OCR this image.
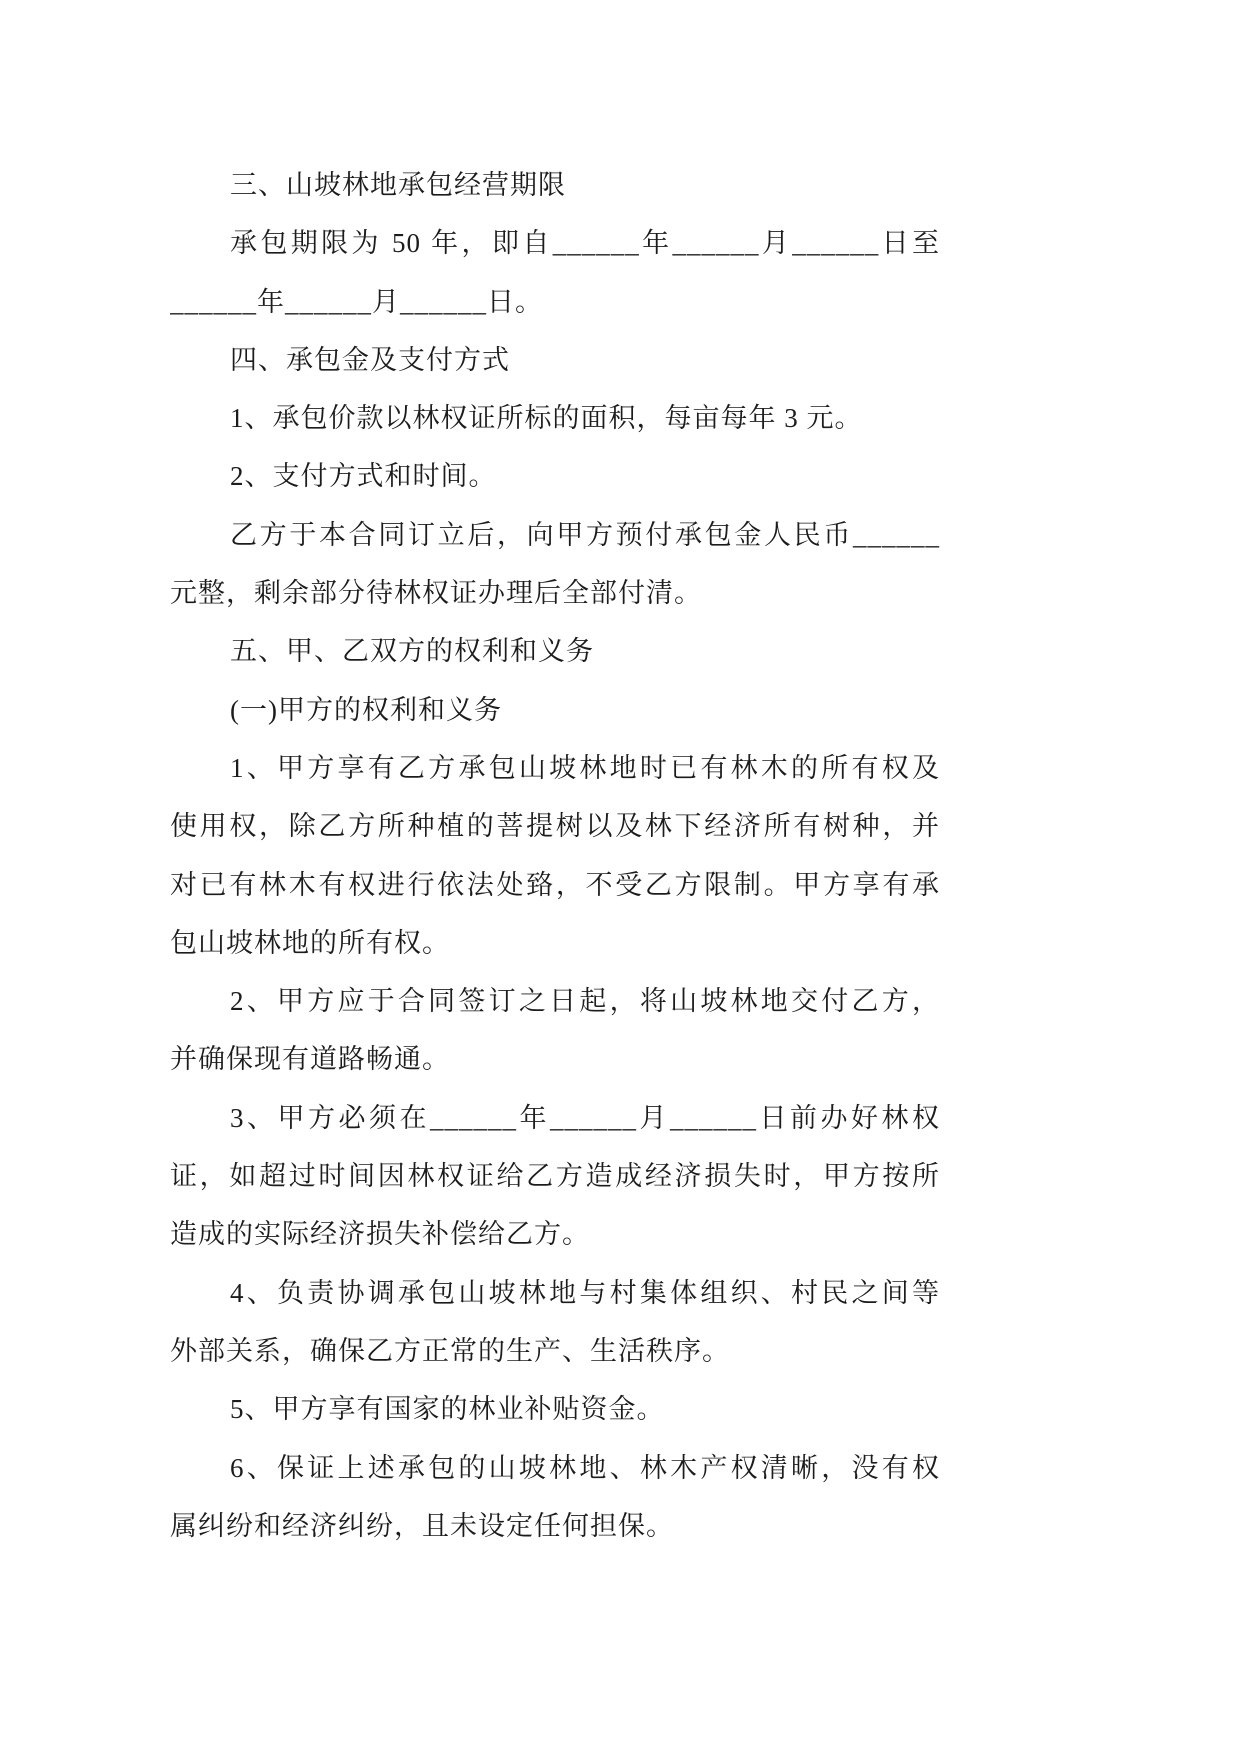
三、山坡林地承包经营期限
承包期限为 50 年，即自______年______月______日至
______年______月______日。
四、承包金及支付方式
1、承包价款以林权证所标的面积，每亩每年 3 元。
2、支付方式和时间。
乙方于本合同订立后，向甲方预付承包金人民币______
元整，剩余部分待林权证办理后全部付清。
五、甲、乙双方的权利和义务
(一)甲方的权利和义务
1、甲方享有乙方承包山坡林地时已有林木的所有权及
使用权，除乙方所种植的菩提树以及林下经济所有树种，并
对已有林木有权进行依法处臵，不受乙方限制。甲方享有承
包山坡林地的所有权。
2、甲方应于合同签订之日起，将山坡林地交付乙方，
并确保现有道路畅通。
3、甲方必须在______年______月______日前办好林权
证，如超过时间因林权证给乙方造成经济损失时，甲方按所
造成的实际经济损失补偿给乙方。
4、负责协调承包山坡林地与村集体组织、村民之间等
外部关系，确保乙方正常的生产、生活秩序。
5、甲方享有国家的林业补贴资金。
6、保证上述承包的山坡林地、林木产权清晰，没有权
属纠纷和经济纠纷，且未设定任何担保。
